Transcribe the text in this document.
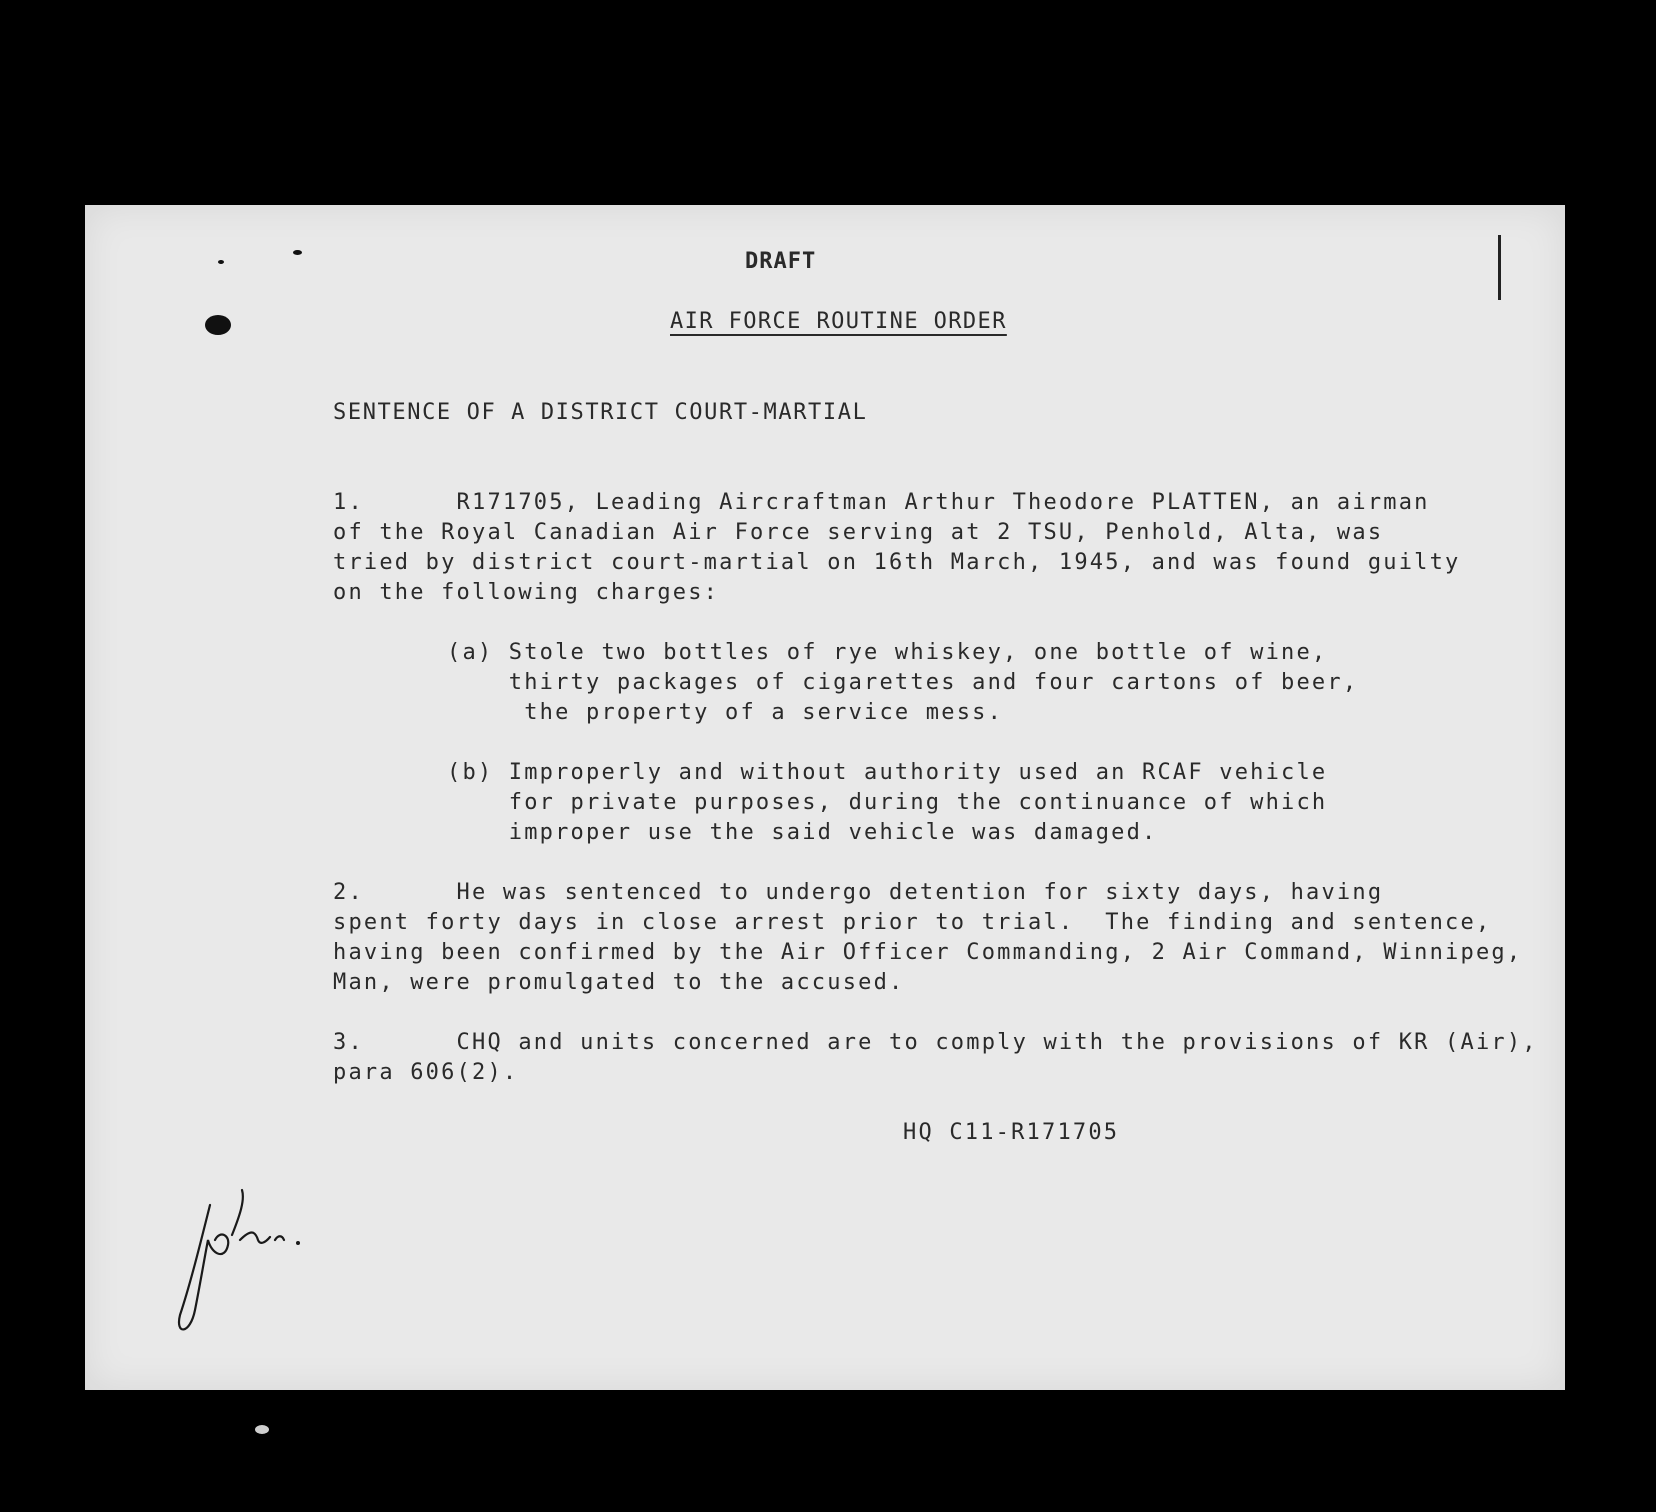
DRAFT
AIR FORCE ROUTINE ORDER
SENTENCE OF A DISTRICT COURT-MARTIAL
1.      R171705, Leading Aircraftman Arthur Theodore PLATTEN, an airman
of the Royal Canadian Air Force serving at 2 TSU, Penhold, Alta, was
tried by district court-martial on 16th March, 1945, and was found guilty
on the following charges:
(a) Stole two bottles of rye whiskey, one bottle of wine,
thirty packages of cigarettes and four cartons of beer,
the property of a service mess.
(b) Improperly and without authority used an RCAF vehicle
for private purposes, during the continuance of which
improper use the said vehicle was damaged.
2.      He was sentenced to undergo detention for sixty days, having
spent forty days in close arrest prior to trial.  The finding and sentence,
having been confirmed by the Air Officer Commanding, 2 Air Command, Winnipeg,
Man, were promulgated to the accused.
3.      CHQ and units concerned are to comply with the provisions of KR (Air),
para 606(2).
HQ C11-R171705
